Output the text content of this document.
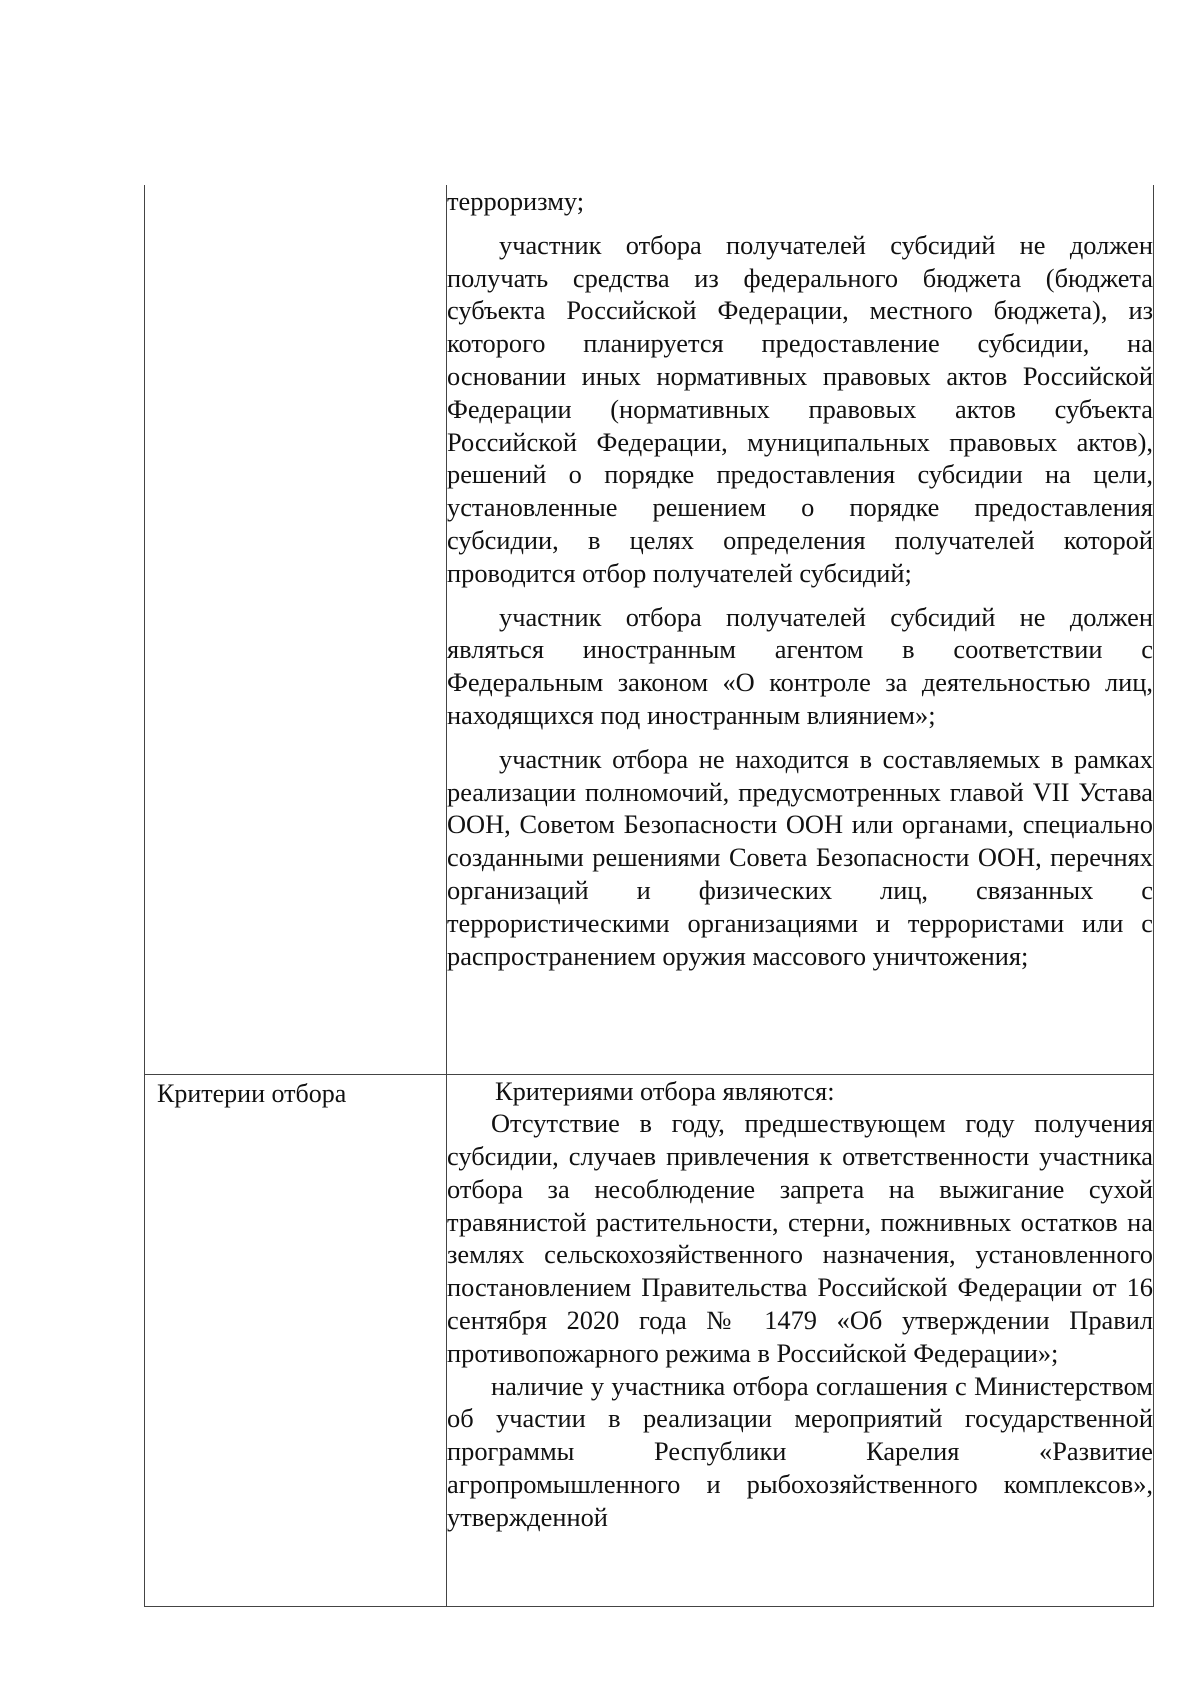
	терроризму;

участник отбора получателей субсидий не должен получать средства из федерального бюджета (бюджета субъекта Российской Федерации, местного бюджета), из которого планируется предоставление субсидии, на основании иных нормативных правовых актов Российской Федерации (нормативных правовых актов субъекта Российской Федерации, муниципальных правовых актов), решений о порядке предоставления субсидии на цели, установленные решением о порядке предоставления субсидии, в целях определения получателей которой проводится отбор получателей субсидий;

участник отбора получателей субсидий не должен являться иностранным агентом в соответствии с Федеральным законом «О контроле за деятельностью лиц, находящихся под иностранным влиянием»;

участник отбора не находится в составляемых в рамках реализации полномочий, предусмотренных главой VII Устава ООН, Советом Безопасности ООН или органами, специально созданными решениями Совета Безопасности ООН, перечнях организаций и физических лиц, связанных с террористическими организациями и террористами или с распространением оружия массового уничтожения;

Критерии отбора	Критериями отбора являются:

Отсутствие в году, предшествующем году получения субсидии, случаев привлечения к ответственности участника отбора за несоблюдение запрета на выжигание сухой травянистой растительности, стерни, пожнивных остатков на землях сельскохозяйственного назначения, установленного постановлением Правительства Российской Федерации от 16 сентября 2020 года № 1479 «Об утверждении Правил противопожарного режима в Российской Федерации»;

наличие у участника отбора соглашения с Министерством об участии в реализации мероприятий государственной программы Республики Карелия «Развитие агропромышленного и рыбохозяйственного комплексов», утвержденной
